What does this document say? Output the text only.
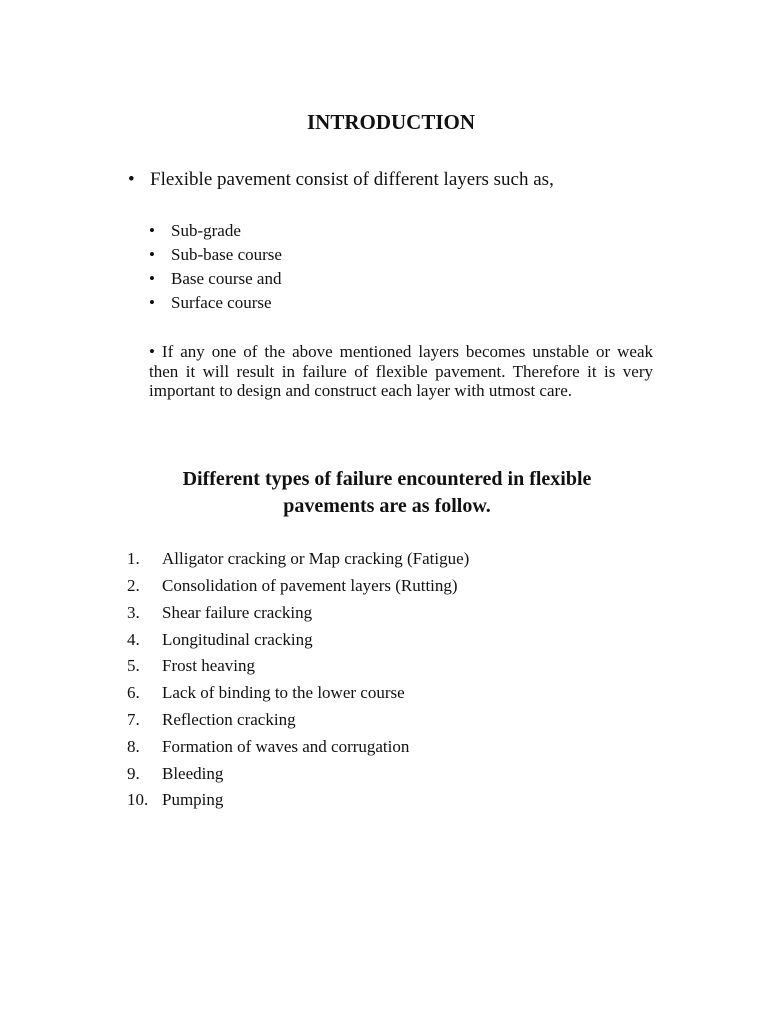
INTRODUCTION
• Flexible pavement consist of different layers such as,
• Sub-grade
• Sub-base course
• Base course and
• Surface course
• If any one of the above mentioned layers becomes unstable or weak then it will result in failure of flexible pavement. Therefore it is very important to design and construct each layer with utmost care.
Different types of failure encountered in flexible
pavements are as follow.
1. Alligator cracking or Map cracking (Fatigue)
2. Consolidation of pavement layers (Rutting)
3. Shear failure cracking
4. Longitudinal cracking
5. Frost heaving
6. Lack of binding to the lower course
7. Reflection cracking
8. Formation of waves and corrugation
9. Bleeding
10. Pumping
